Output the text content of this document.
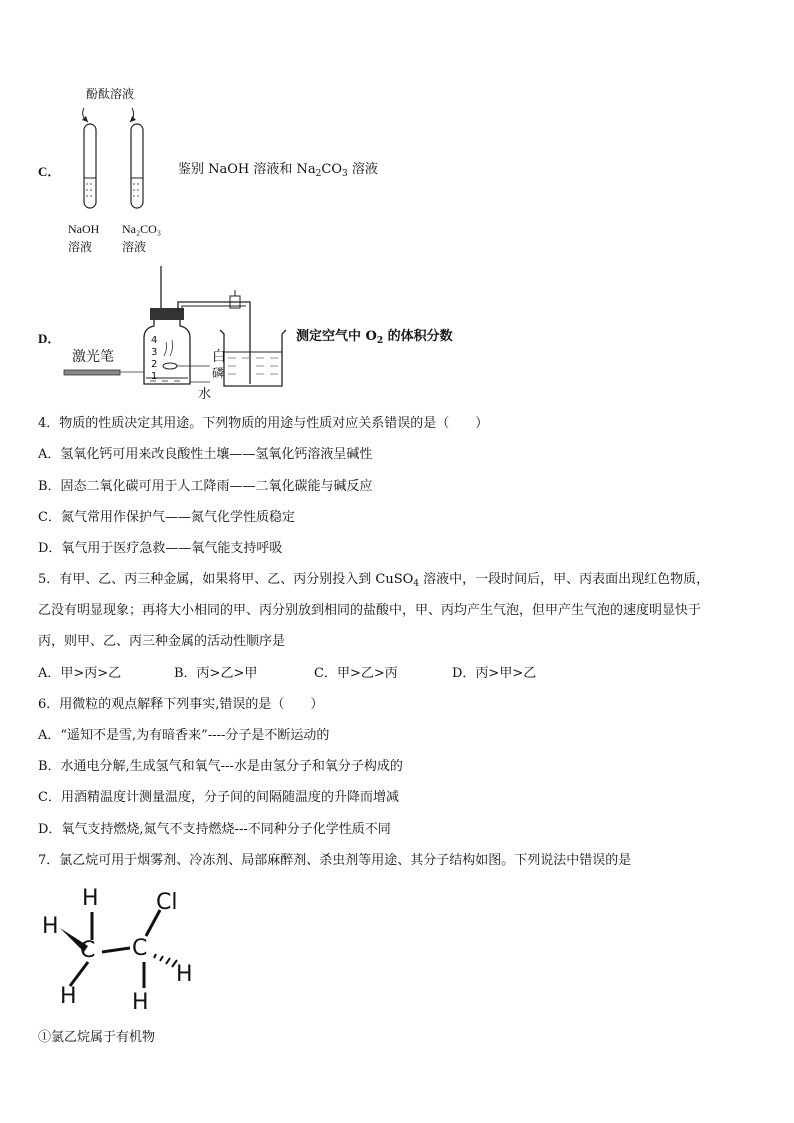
C．
酚酞溶液
NaOH
溶液
Na₂CO₃
溶液
鉴别 NaOH 溶液和 $Na_2CO_3$ 溶液
D．	4
3
2
1
激光笔	白
磷
水
测定空气中 $O_2$ 的体积分数
4．物质的性质决定其用途。下列物质的用途与性质对应关系错误的是（　　）
A．氢氧化钙可用来改良酸性土壤——氢氧化钙溶液呈碱性
B．固态二氧化碳可用于人工降雨——二氧化碳能与碱反应
C．氮气常用作保护气——氮气化学性质稳定
D．氧气用于医疗急救——氧气能支持呼吸
5．有甲、乙、丙三种金属，如果将甲、乙、丙分别投入到 CuSO$_4$ 溶液中，一段时间后，甲、丙表面出现红色物质，
乙没有明显现象；再将大小相同的甲、丙分别放到相同的盐酸中，甲、丙均产生气泡，但甲产生气泡的速度明显快于
丙，则甲、乙、丙三种金属的活动性顺序是
A．甲>丙>乙	B．丙>乙>甲	C．甲>乙>丙	D．丙>甲>乙
6．用微粒的观点解释下列事实,错误的是（　　）
A．“遥知不是雪,为有暗香来”----分子是不断运动的
B．水通电分解,生成氢气和氧气---水是由氢分子和氧分子构成的
C．用酒精温度计测量温度，分子间的间隔随温度的升降而增减
D．氧气支持燃烧,氮气不支持燃烧---不同种分子化学性质不同
7．氯乙烷可用于烟雾剂、冷冻剂、局部麻醉剂、杀虫剂等用途、其分子结构如图。下列说法中错误的是
H
H
C C
Cl
H	H
H
①氯乙烷属于有机物
